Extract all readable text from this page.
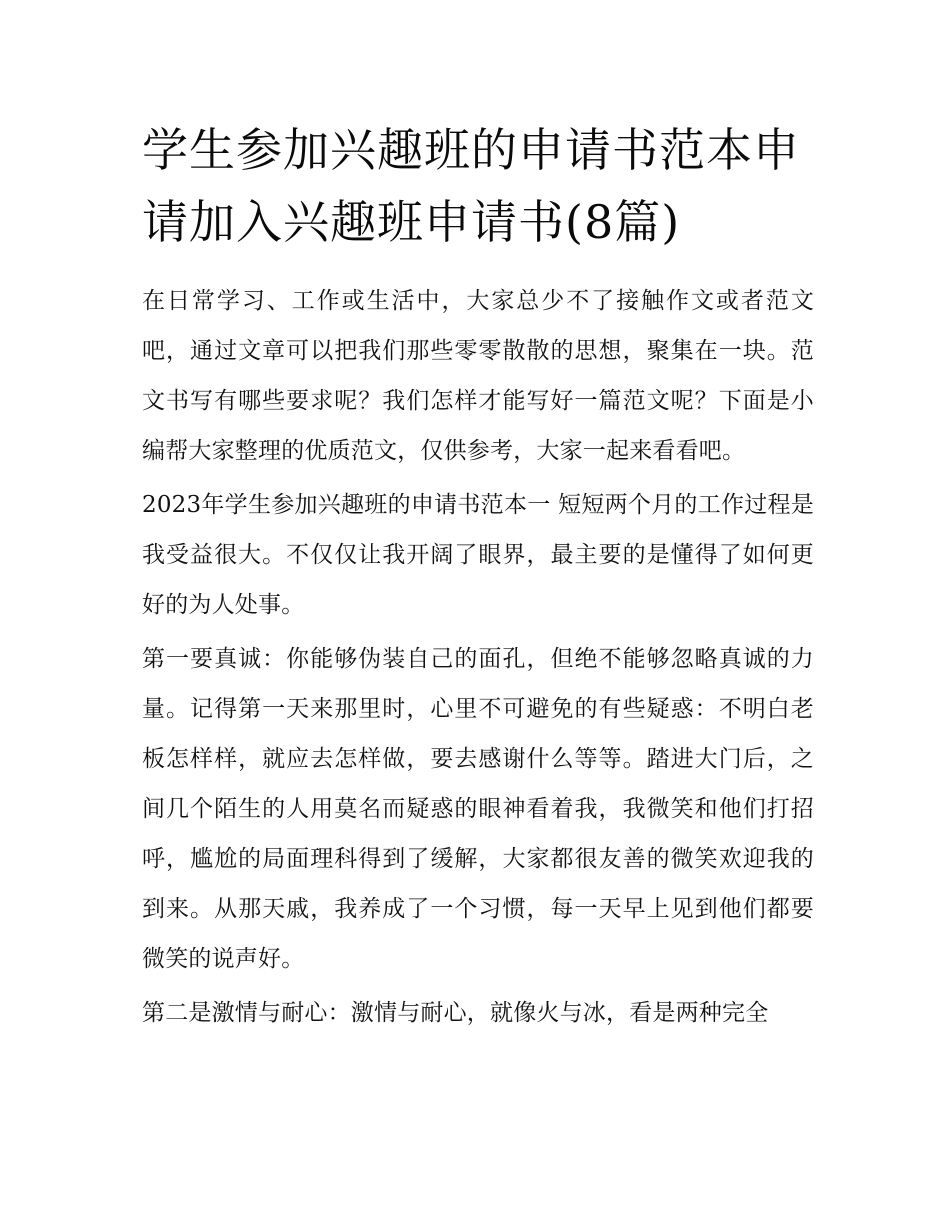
学生参加兴趣班的申请书范本申请加入兴趣班申请书(8篇)

在日常学习、工作或生活中，大家总少不了接触作文或者范文吧，通过文章可以把我们那些零零散散的思想，聚集在一块。范文书写有哪些要求呢？我们怎样才能写好一篇范文呢？下面是小编帮大家整理的优质范文，仅供参考，大家一起来看看吧。

2023年学生参加兴趣班的申请书范本一 短短两个月的工作过程是我受益很大。不仅仅让我开阔了眼界，最主要的是懂得了如何更好的为人处事。

第一要真诚：你能够伪装自己的面孔，但绝不能够忽略真诚的力量。记得第一天来那里时，心里不可避免的有些疑惑：不明白老板怎样样，就应去怎样做，要去感谢什么等等。踏进大门后，之间几个陌生的人用莫名而疑惑的眼神看着我，我微笑和他们打招呼，尴尬的局面理科得到了缓解，大家都很友善的微笑欢迎我的到来。从那天戚，我养成了一个习惯，每一天早上见到他们都要微笑的说声好。

第二是激情与耐心：激情与耐心，就像火与冰，看是两种完全
